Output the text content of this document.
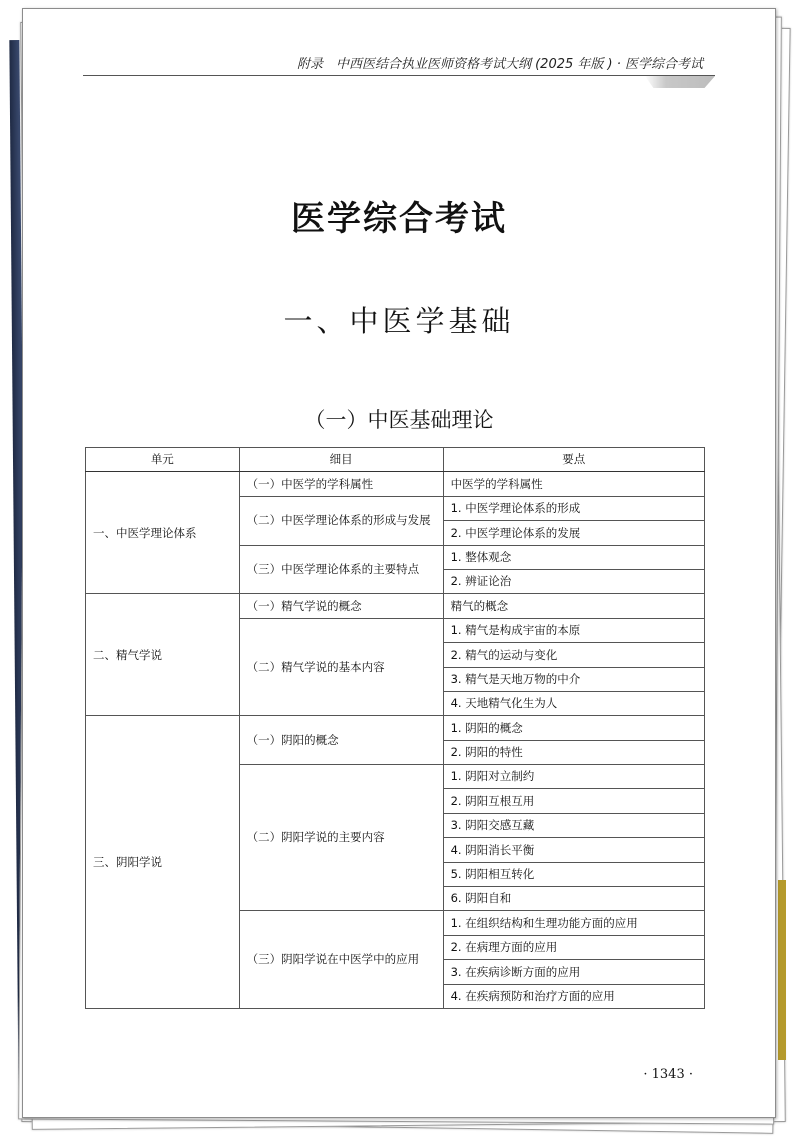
附录　中西医结合执业医师资格考试大纲 (2025 年版 ) · 医学综合考试
医学综合考试
一、中医学基础
（一）中医基础理论
单元	细目	要点
一、中医学理论体系	（一）中医学的学科属性	中医学的学科属性
	（二）中医学理论体系的形成与发展	1. 中医学理论体系的形成
		2. 中医学理论体系的发展
	（三）中医学理论体系的主要特点	1. 整体观念
		2. 辨证论治
二、精气学说	（一）精气学说的概念	精气的概念
	（二）精气学说的基本内容	1. 精气是构成宇宙的本原
		2. 精气的运动与变化
		3. 精气是天地万物的中介
		4. 天地精气化生为人
三、阴阳学说	（一）阴阳的概念	1. 阴阳的概念
		2. 阴阳的特性
	（二）阴阳学说的主要内容	1. 阴阳对立制约
		2. 阴阳互根互用
		3. 阴阳交感互藏
		4. 阴阳消长平衡
		5. 阴阳相互转化
		6. 阴阳自和
	（三）阴阳学说在中医学中的应用	1. 在组织结构和生理功能方面的应用
		2. 在病理方面的应用
		3. 在疾病诊断方面的应用
		4. 在疾病预防和治疗方面的应用
· 1343 ·
